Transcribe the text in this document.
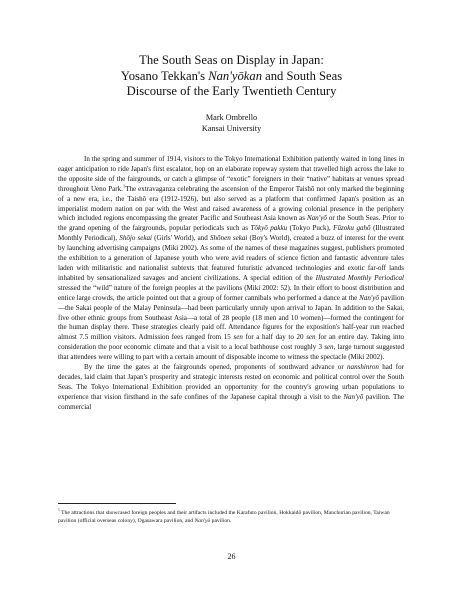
The South Seas on Display in Japan:
Yosano Tekkan's Nan'yōkan and South Seas
Discourse of the Early Twentieth Century
Mark Ombrello
Kansai University

In the spring and summer of 1914, visitors to the Tokyo International Exhibition patiently waited in long lines in eager anticipation to ride Japan's first escalator, hop on an elaborate ropeway system that travelled high across the lake to the opposite side of the fairgrounds, or catch a glimpse of “exotic” foreigners in their “native” habitats at venues spread throughout Ueno Park.$^1$The extravaganza celebrating the ascension of the Emperor Taishō not only marked the beginning of a new era, i.e., the Taishō era (1912-1926), but also served as a platform that confirmed Japan's position as an imperialist modern nation on par with the West and raised awareness of a growing colonial presence in the periphery which included regions encompassing the greater Pacific and Southeast Asia known as Nan'yō or the South Seas. Prior to the grand opening of the fairgrounds, popular periodicals such as Tōkyō pakku (Tokyo Puck), Fūzoku gahō (Illustrated Monthly Periodical), Shōjo sekai (Girls' World), and Shōnen sekai (Boy's World), created a buzz of interest for the event by launching advertising campaigns (Miki 2002). As some of the names of these magazines suggest, publishers promoted the exhibition to a generation of Japanese youth who were avid readers of science fiction and fantastic adventure tales laden with militaristic and nationalist subtexts that featured futuristic advanced technologies and exotic far-off lands inhabited by sensationalized savages and ancient civilizations. A special edition of the Illustrated Monthly Periodical stressed the “wild” nature of the foreign peoples at the pavilions (Miki 2002: 52). In their effort to boost distribution and entice large crowds, the article pointed out that a group of former cannibals who performed a dance at the Nan'yō pavilion—the Sakai people of the Malay Peninsula—had been particularly unruly upon arrival to Japan. In addition to the Sakai, five other ethnic groups from Southeast Asia—a total of 28 people (18 men and 10 women)—formed the contingent for the human display there. These strategies clearly paid off. Attendance figures for the exposition's half-year run reached almost 7.5 million visitors. Admission fees ranged from 15 sen for a half day to 20 sen for an entire day. Taking into consideration the poor economic climate and that a visit to a local bathhouse cost roughly 3 sen, large turnout suggested that attendees were willing to part with a certain amount of disposable income to witness the spectacle (Miki 2002).

By the time the gates at the fairgrounds opened, proponents of southward advance or nanshinron had for decades, laid claim that Japan's prosperity and strategic interests rested on economic and political control over the South Seas. The Tokyo International Exhibition provided an opportunity for the country's growing urban populations to experience that vision firsthand in the safe confines of the Japanese capital through a visit to the Nan'yō pavilion. The commercial

$^1$ The attractions that showcased foreign peoples and their artifacts included the Karafuto pavilion, Hokkaidō pavilion, Manchurian pavilion, Taiwan pavilion (official overseas colony), Ogasawara pavilion, and Nan'yō pavilion.
26
